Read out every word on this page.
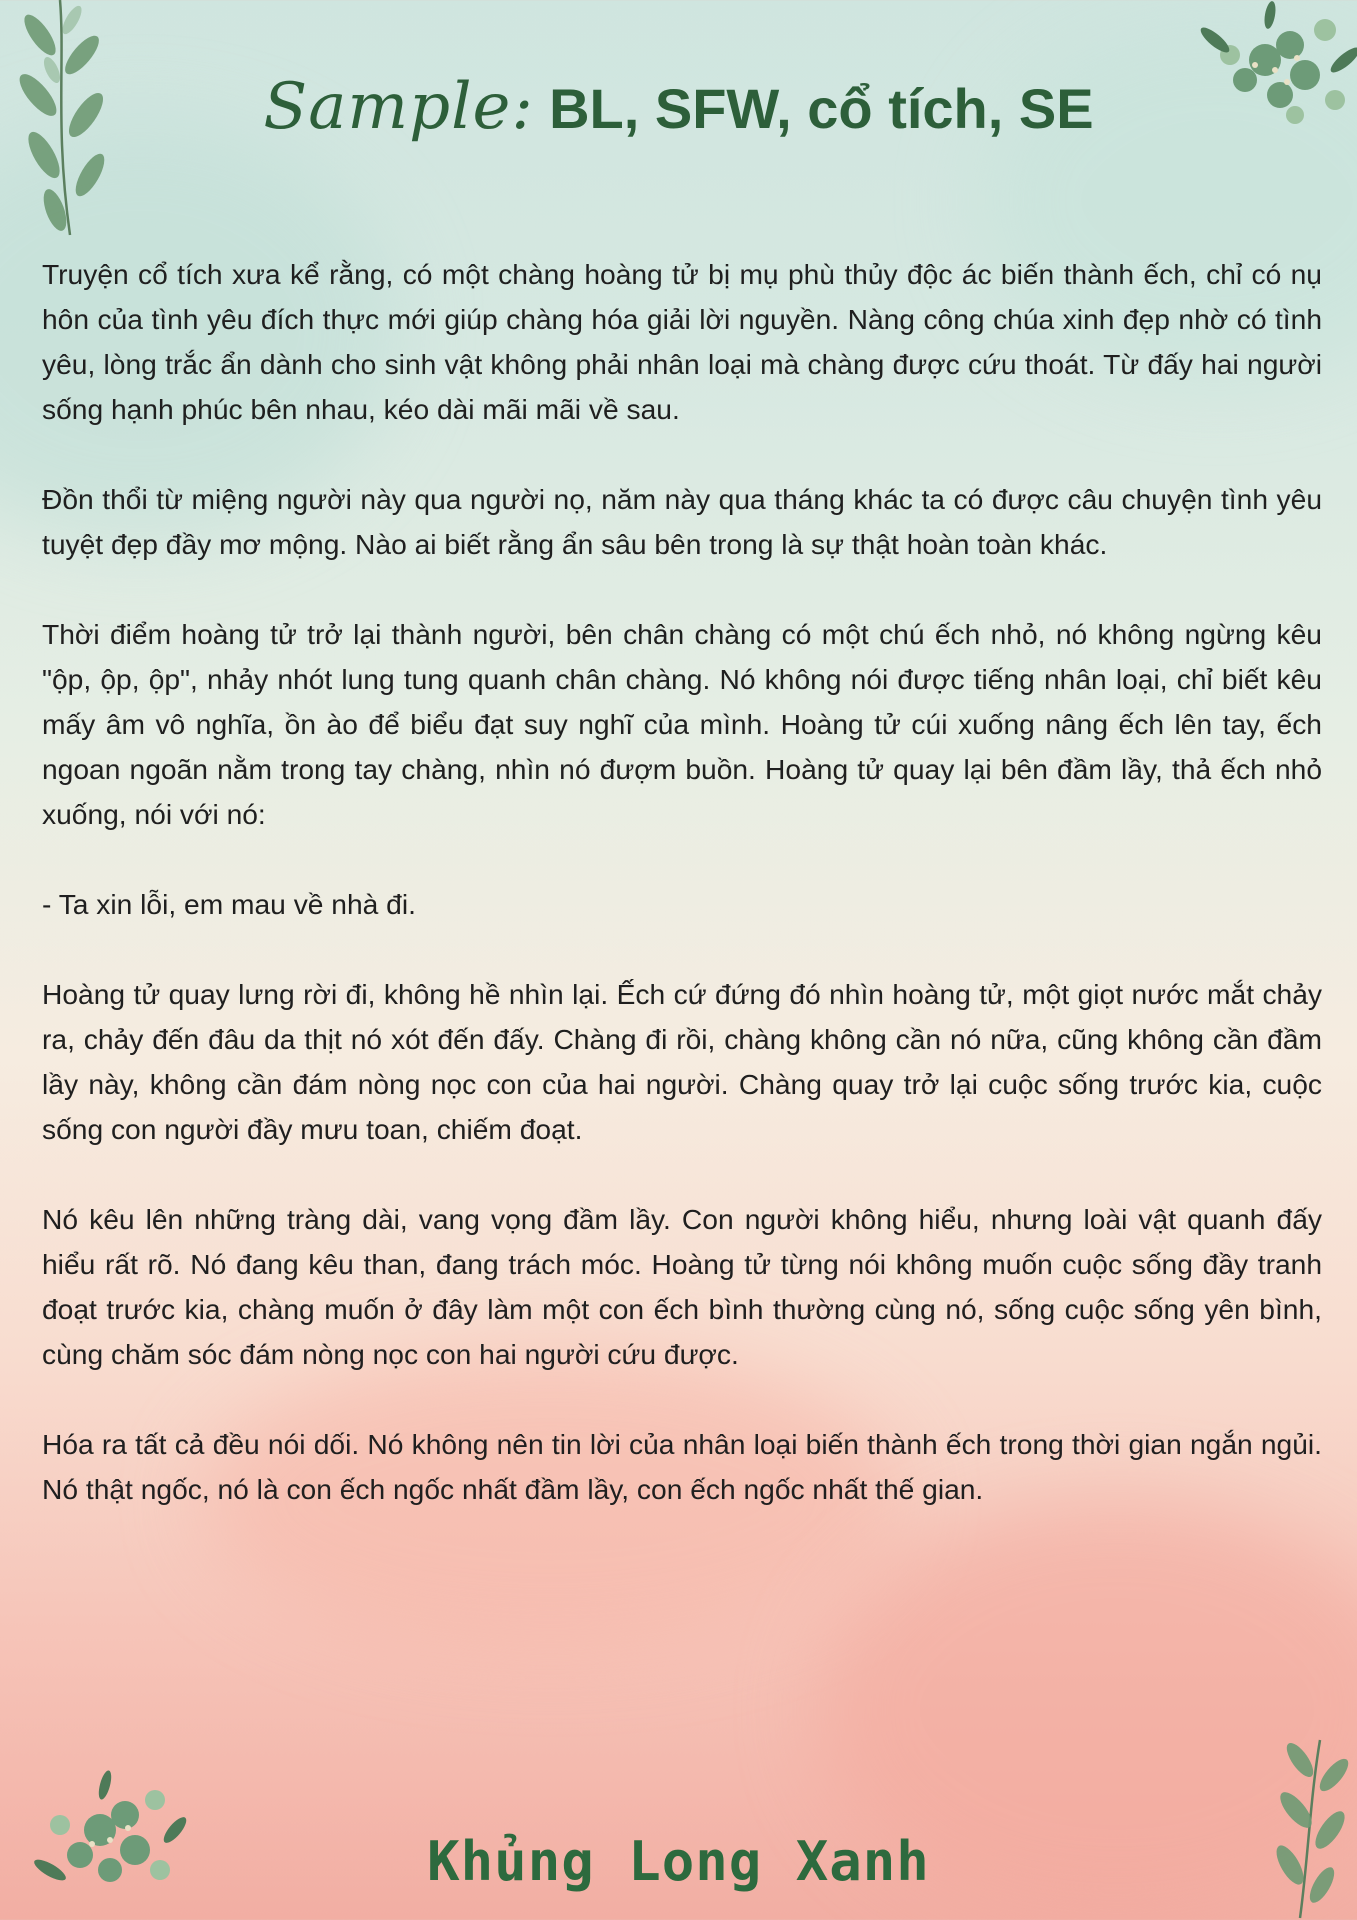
Sample: BL, SFW, cổ tích, SE

Truyện cổ tích xưa kể rằng, có một chàng hoàng tử bị mụ phù thủy độc ác biến thành ếch, chỉ có nụ hôn của tình yêu đích thực mới giúp chàng hóa giải lời nguyền. Nàng công chúa xinh đẹp nhờ có tình yêu, lòng trắc ẩn dành cho sinh vật không phải nhân loại mà chàng được cứu thoát. Từ đấy hai người sống hạnh phúc bên nhau, kéo dài mãi mãi về sau.

Đồn thổi từ miệng người này qua người nọ, năm này qua tháng khác ta có được câu chuyện tình yêu tuyệt đẹp đầy mơ mộng. Nào ai biết rằng ẩn sâu bên trong là sự thật hoàn toàn khác.

Thời điểm hoàng tử trở lại thành người, bên chân chàng có một chú ếch nhỏ, nó không ngừng kêu "ộp, ộp, ộp", nhảy nhót lung tung quanh chân chàng. Nó không nói được tiếng nhân loại, chỉ biết kêu mấy âm vô nghĩa, ồn ào để biểu đạt suy nghĩ của mình. Hoàng tử cúi xuống nâng ếch lên tay, ếch ngoan ngoãn nằm trong tay chàng, nhìn nó đượm buồn. Hoàng tử quay lại bên đầm lầy, thả ếch nhỏ xuống, nói với nó:

- Ta xin lỗi, em mau về nhà đi.

Hoàng tử quay lưng rời đi, không hề nhìn lại. Ếch cứ đứng đó nhìn hoàng tử, một giọt nước mắt chảy ra, chảy đến đâu da thịt nó xót đến đấy. Chàng đi rồi, chàng không cần nó nữa, cũng không cần đầm lầy này, không cần đám nòng nọc con của hai người. Chàng quay trở lại cuộc sống trước kia, cuộc sống con người đầy mưu toan, chiếm đoạt.

Nó kêu lên những tràng dài, vang vọng đầm lầy. Con người không hiểu, nhưng loài vật quanh đấy hiểu rất rõ. Nó đang kêu than, đang trách móc. Hoàng tử từng nói không muốn cuộc sống đầy tranh đoạt trước kia, chàng muốn ở đây làm một con ếch bình thường cùng nó, sống cuộc sống yên bình, cùng chăm sóc đám nòng nọc con hai người cứu được.

Hóa ra tất cả đều nói dối. Nó không nên tin lời của nhân loại biến thành ếch trong thời gian ngắn ngủi. Nó thật ngốc, nó là con ếch ngốc nhất đầm lầy, con ếch ngốc nhất thế gian.

Khủng Long Xanh
